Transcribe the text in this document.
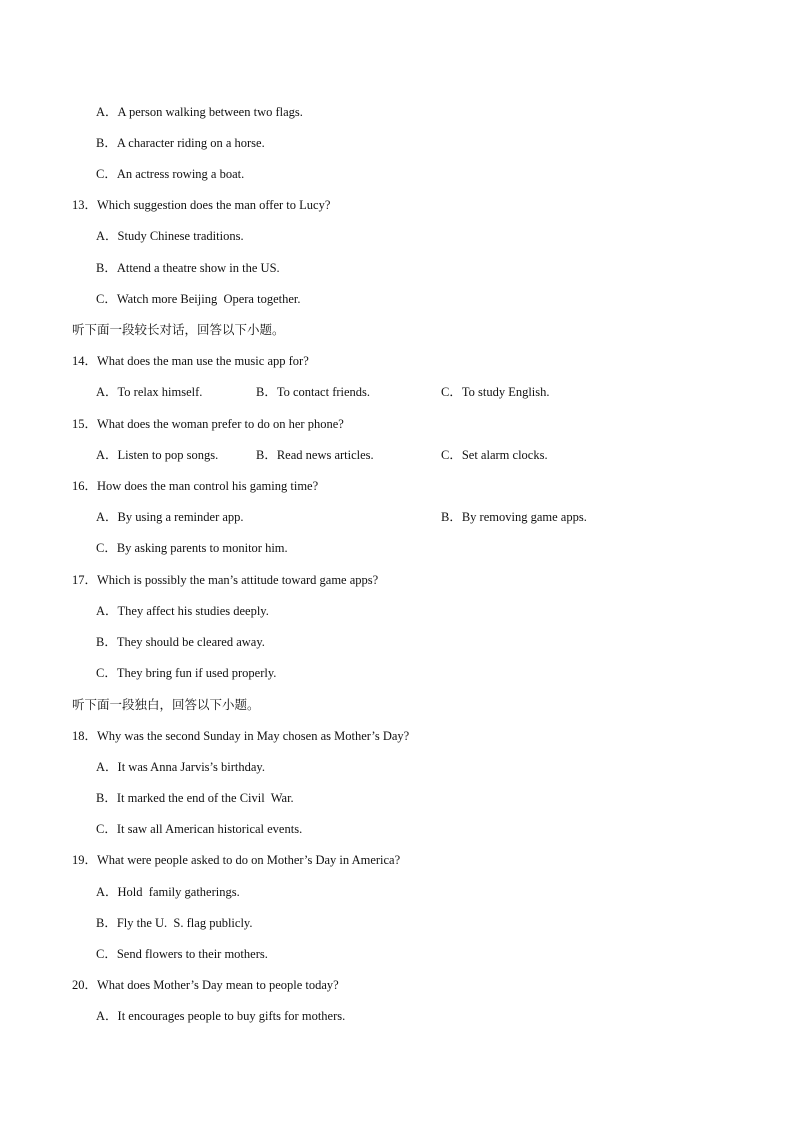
A．A person walking between two flags.
B．A character riding on a horse.
C．An actress rowing a boat.
13．Which suggestion does the man offer to Lucy?
A．Study Chinese traditions.
B．Attend a theatre show in the US.
C．Watch more Beijing  Opera together.
听下面一段较长对话，回答以下小题。
14．What does the man use the music app for?
A．To relax himself.	B．To contact friends.	C．To study English.
15．What does the woman prefer to do on her phone?
A．Listen to pop songs.	B．Read news articles.	C．Set alarm clocks.
16．How does the man control his gaming time?
A．By using a reminder app.	B．By removing game apps.
C．By asking parents to monitor him.
17．Which is possibly the man’s attitude toward game apps?
A．They affect his studies deeply.
B．They should be cleared away.
C．They bring fun if used properly.
听下面一段独白，回答以下小题。
18．Why was the second Sunday in May chosen as Mother’s Day?
A．It was Anna Jarvis’s birthday.
B．It marked the end of the Civil  War.
C．It saw all American historical events.
19．What were people asked to do on Mother’s Day in America?
A．Hold  family gatherings.
B．Fly the U.  S. flag publicly.
C．Send flowers to their mothers.
20．What does Mother’s Day mean to people today?
A．It encourages people to buy gifts for mothers.
